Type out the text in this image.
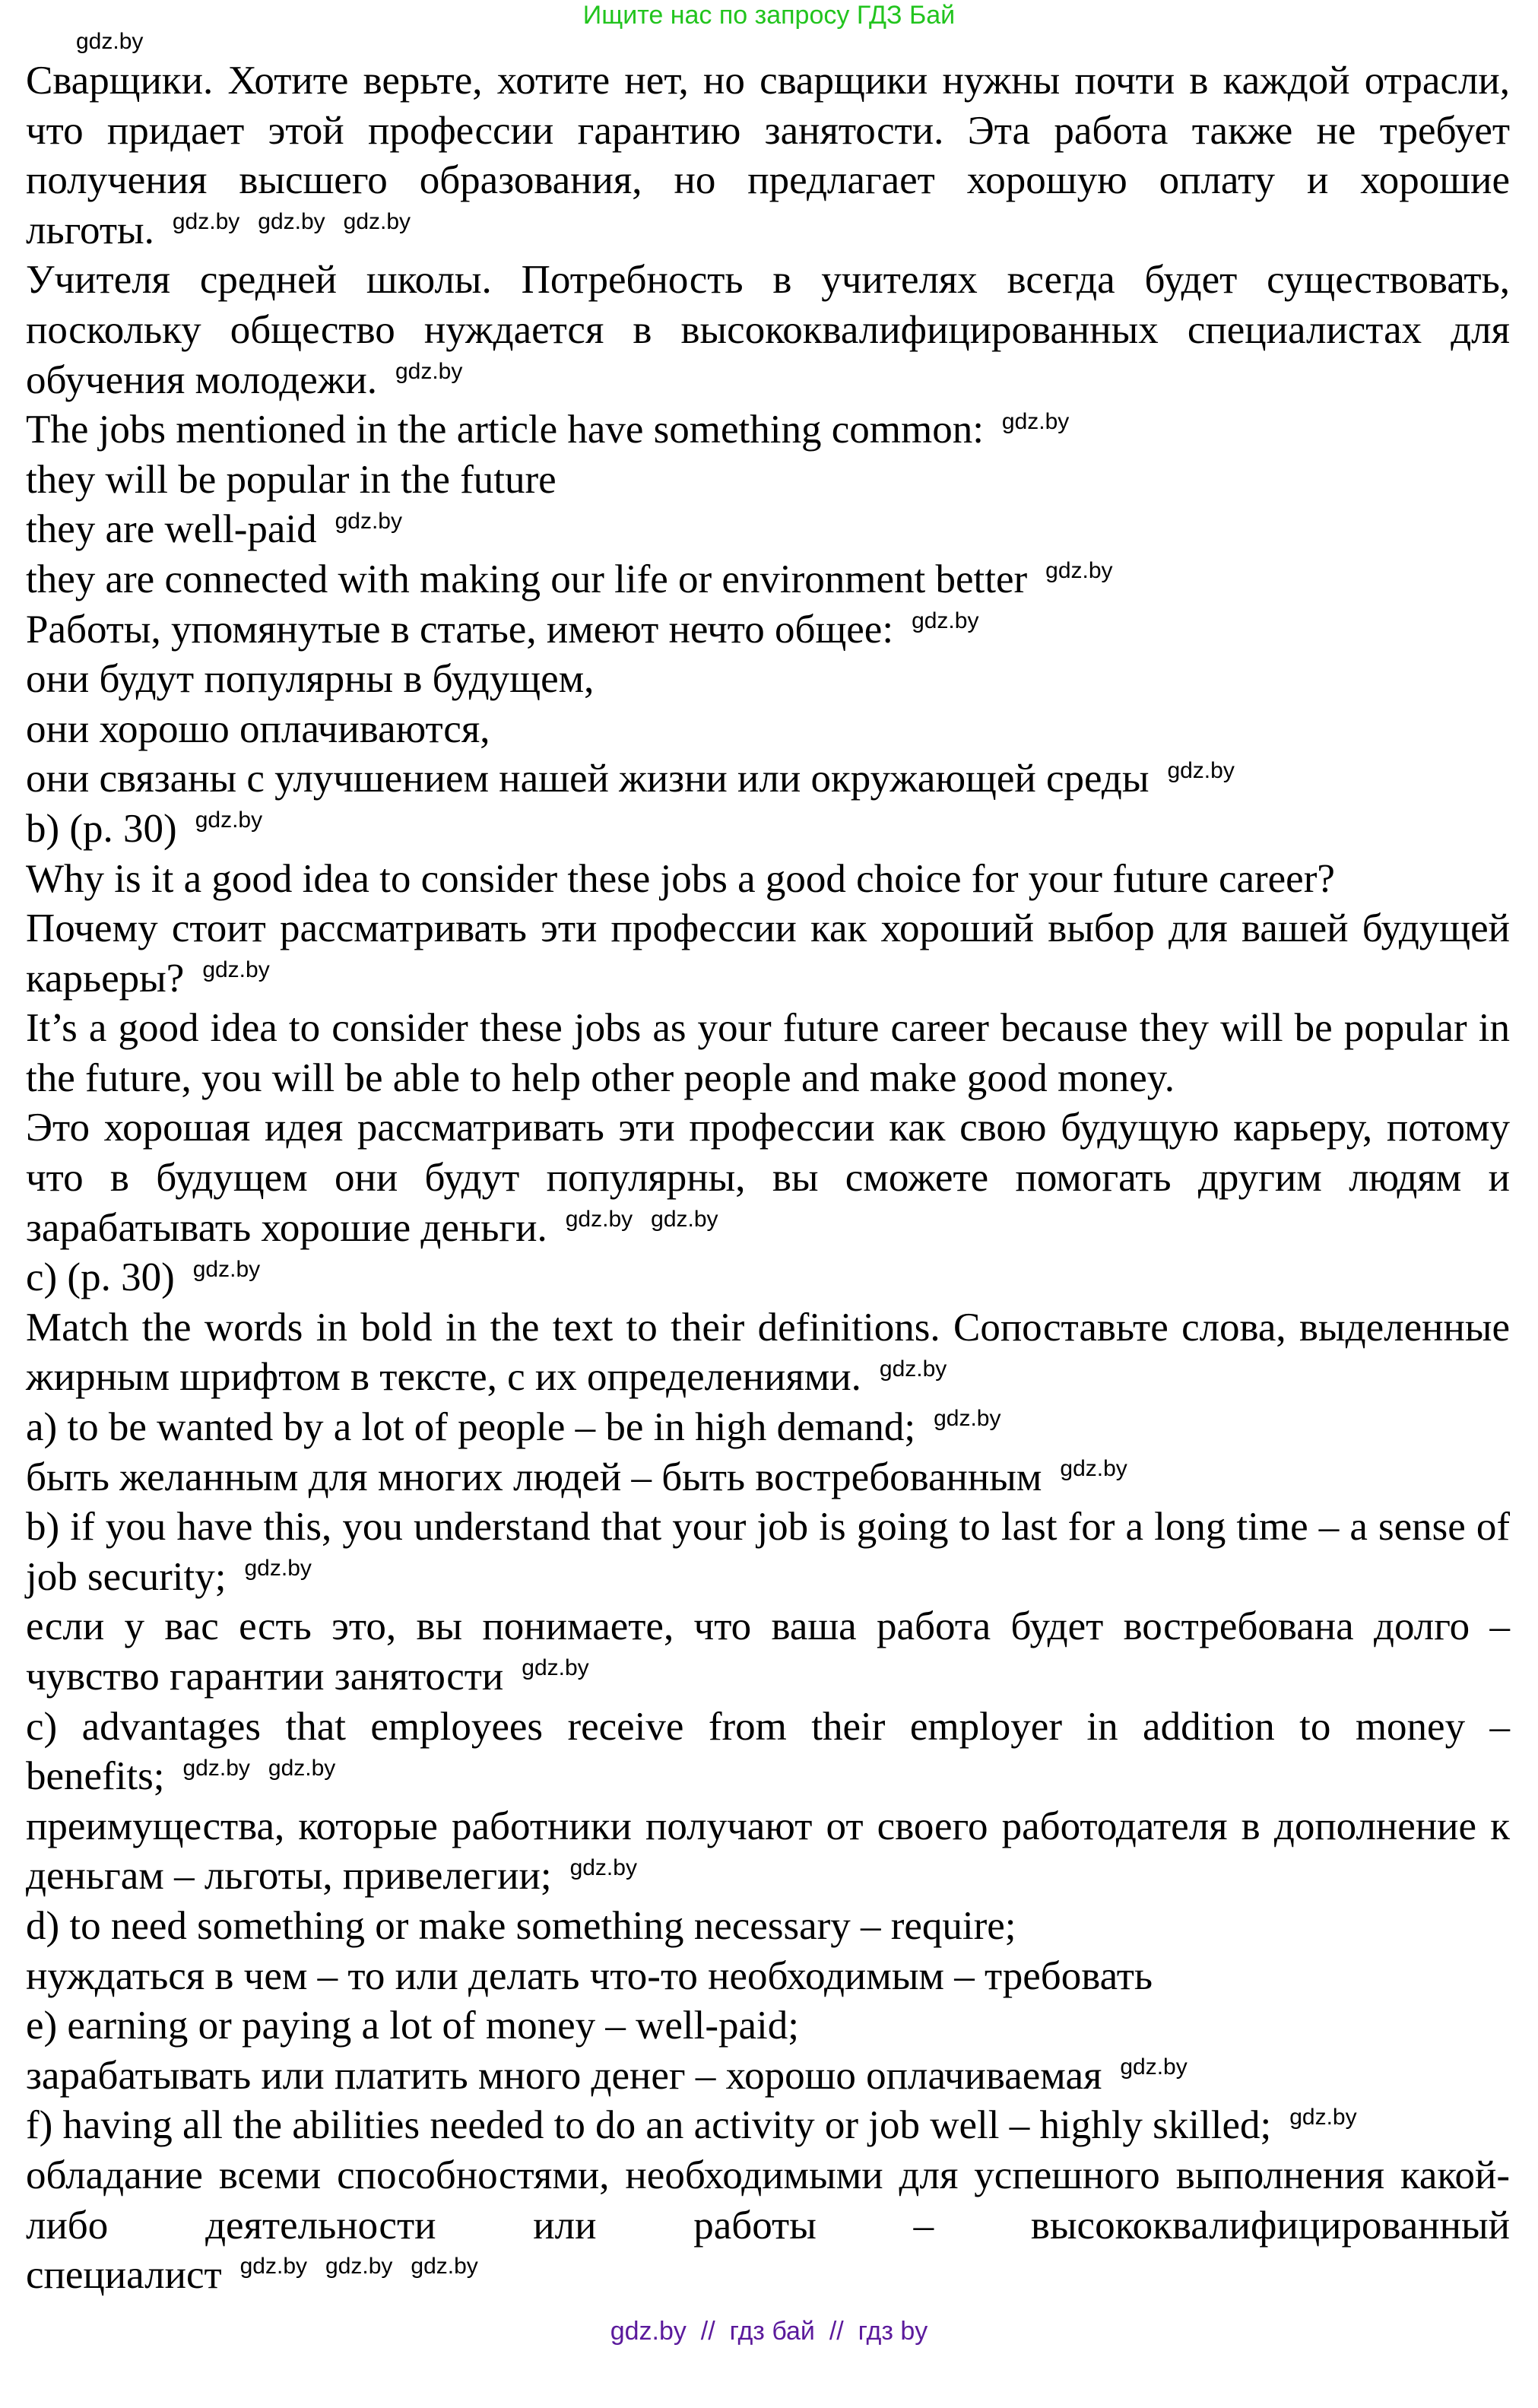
Ищите нас по запросу ГДЗ Бай
gdz.by

Сварщики. Хотите верьте, хотите нет, но сварщики нужны почти в каждой отрасли, что придает этой профессии гарантию занятости. Эта работа также не требует получения высшего образования, но предлагает хорошую оплату и хорошие льготы. $^{gdz.by}$ $^{gdz.by}$ $^{gdz.by}$

Учителя средней школы. Потребность в учителях всегда будет существовать, поскольку общество нуждается в высококвалифицированных специалистах для обучения молодежи. $^{gdz.by}$

The jobs mentioned in the article have something common: $^{gdz.by}$

they will be popular in the future

they are well-paid $^{gdz.by}$

they are connected with making our life or environment better $^{gdz.by}$

Работы, упомянутые в статье, имеют нечто общее: $^{gdz.by}$

они будут популярны в будущем,

они хорошо оплачиваются,

они связаны с улучшением нашей жизни или окружающей среды $^{gdz.by}$

b) (p. 30) $^{gdz.by}$

Why is it a good idea to consider these jobs a good choice for your future career?

Почему стоит рассматривать эти профессии как хороший выбор для вашей будущей карьеры? $^{gdz.by}$

It’s a good idea to consider these jobs as your future career because they will be popular in the future, you will be able to help other people and make good money.

Это хорошая идея рассматривать эти профессии как свою будущую карьеру, потому что в будущем они будут популярны, вы сможете помогать другим людям и зарабатывать хорошие деньги. $^{gdz.by}$ $^{gdz.by}$

c) (p. 30) $^{gdz.by}$

Match the words in bold in the text to their definitions. Сопоставьте слова, выделенные жирным шрифтом в тексте, с их определениями. $^{gdz.by}$

a) to be wanted by a lot of people – be in high demand; $^{gdz.by}$

быть желанным для многих людей – быть востребованным $^{gdz.by}$

b) if you have this, you understand that your job is going to last for a long time – a sense of job security; $^{gdz.by}$

если у вас есть это, вы понимаете, что ваша работа будет востребована долго – чувство гарантии занятости $^{gdz.by}$

c) advantages that employees receive from their employer in addition to money – benefits; $^{gdz.by}$ $^{gdz.by}$

преимущества, которые работники получают от своего работодателя в дополнение к деньгам – льготы, привелегии; $^{gdz.by}$

d) to need something or make something necessary – require;

нуждаться в чем – то или делать что-то необходимым – требовать

e) earning or paying a lot of money – well-paid;

зарабатывать или платить много денег – хорошо оплачиваемая $^{gdz.by}$

f) having all the abilities needed to do an activity or job well – highly skilled; $^{gdz.by}$

обладание всеми способностями, необходимыми для успешного выполнения какой-либо деятельности или работы – высококвалифицированный специалист $^{gdz.by}$ $^{gdz.by}$ $^{gdz.by}$

gdz.by  //  гдз бай  //  гдз by
